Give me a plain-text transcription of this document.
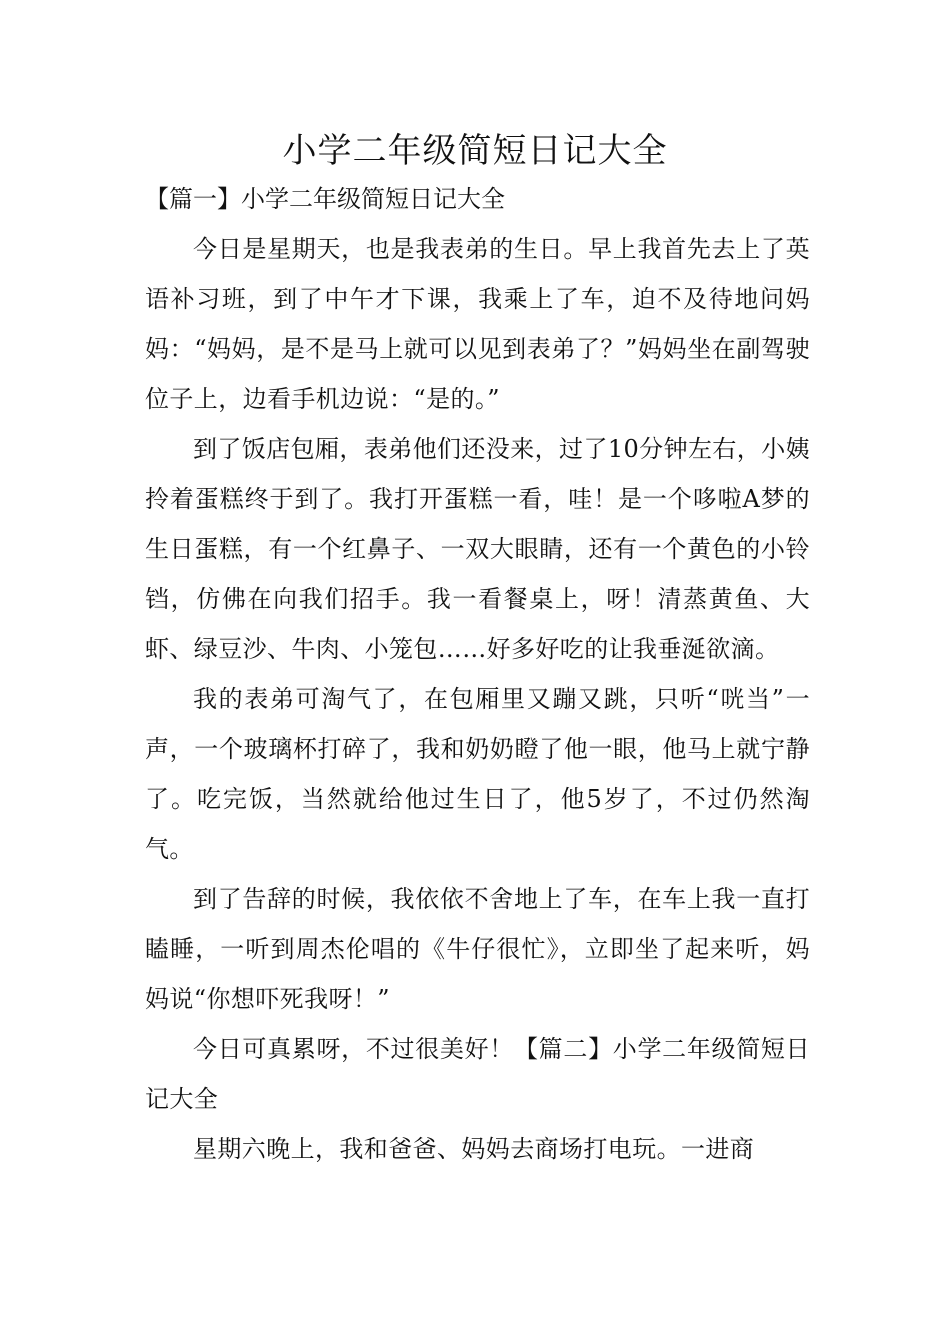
小学二年级简短日记大全
【篇一】小学二年级简短日记大全

今日是星期天，也是我表弟的生日。早上我首先去上了英语补习班，到了中午才下课，我乘上了车，迫不及待地问妈妈：“妈妈，是不是马上就可以见到表弟了？”妈妈坐在副驾驶位子上，边看手机边说：“是的。”

到了饭店包厢，表弟他们还没来，过了10分钟左右，小姨拎着蛋糕终于到了。我打开蛋糕一看，哇！是一个哆啦A梦的生日蛋糕，有一个红鼻子、一双大眼睛，还有一个黄色的小铃铛，仿佛在向我们招手。我一看餐桌上，呀！清蒸黄鱼、大虾、绿豆沙、牛肉、小笼包……好多好吃的让我垂涎欲滴。

我的表弟可淘气了，在包厢里又蹦又跳，只听“咣当”一声，一个玻璃杯打碎了，我和奶奶瞪了他一眼，他马上就宁静了。吃完饭，当然就给他过生日了，他5岁了，不过仍然淘气。

到了告辞的时候，我依依不舍地上了车，在车上我一直打瞌睡，一听到周杰伦唱的《牛仔很忙》，立即坐了起来听，妈妈说“你想吓死我呀！”

今日可真累呀，不过很美好！【篇二】小学二年级简短日记大全

星期六晚上，我和爸爸、妈妈去商场打电玩。一进商
